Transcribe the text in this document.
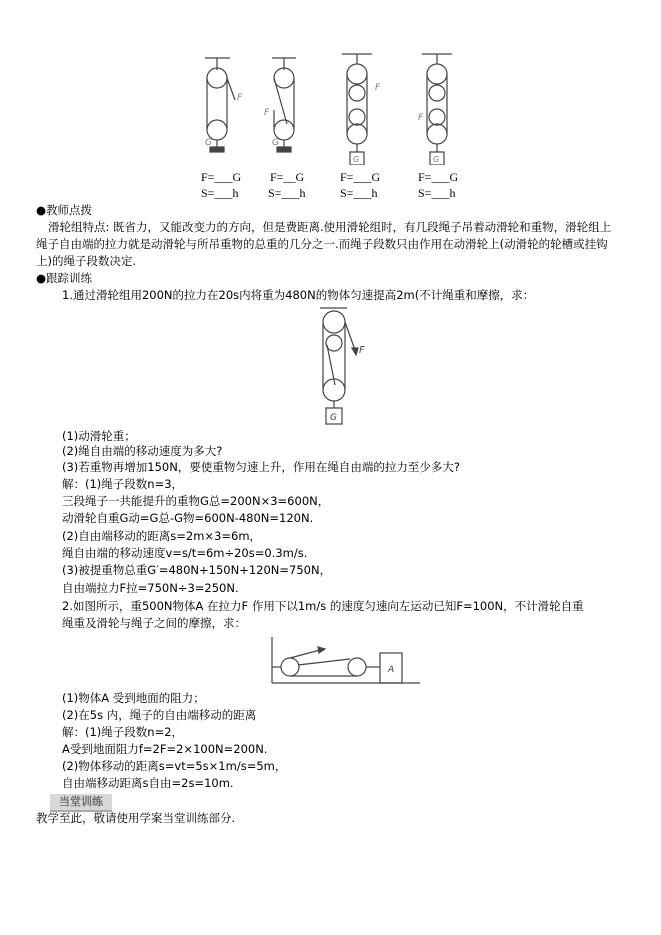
F
G
F
G
F
G
F
G
F=___G
S=___h
F=__G
S=___h
F=___G
S=___h
F=___G
S=___h
●教师点拨
滑轮组特点: 既省力，又能改变力的方向，但是费距离.使用滑轮组时，有几段绳子吊着动滑轮和重物，滑轮组上
绳子自由端的拉力就是动滑轮与所吊重物的总重的几分之一.而绳子段数只由作用在动滑轮上(动滑轮的轮槽或挂钩
上)的绳子段数决定.
●跟踪训练
1.通过滑轮组用200N的拉力在20s内将重为480N的物体匀速提高2m(不计绳重和摩擦，求：
F
G
(1)动滑轮重；
(2)绳自由端的移动速度为多大?
(3)若重物再增加150N，要使重物匀速上升，作用在绳自由端的拉力至少多大?
解：(1)绳子段数n=3，
三段绳子一共能提升的重物G总=200N×3=600N，
动滑轮自重G动=G总-G物=600N-480N=120N.
(2)自由端移动的距离s=2m×3=6m，
绳自由端的移动速度v=s/t=6m÷20s=0.3m/s.
(3)被提重物总重G′=480N+150N+120N=750N，
自由端拉力F拉=750N÷3=250N.
2.如图所示，重500N物体A 在拉力F 作用下以1m/s 的速度匀速向左运动已知F=100N，不计滑轮自重
绳重及滑轮与绳子之间的摩擦，求：
A
(1)物体A 受到地面的阻力；
(2)在5s 内，绳子的自由端移动的距离
解：(1)绳子段数n=2，
A受到地面阻力f=2F=2×100N=200N.
(2)物体移动的距离s=vt=5s×1m/s=5m，
自由端移动距离s自由=2s=10m.
当堂训练
教学至此，敬请使用学案当堂训练部分.
